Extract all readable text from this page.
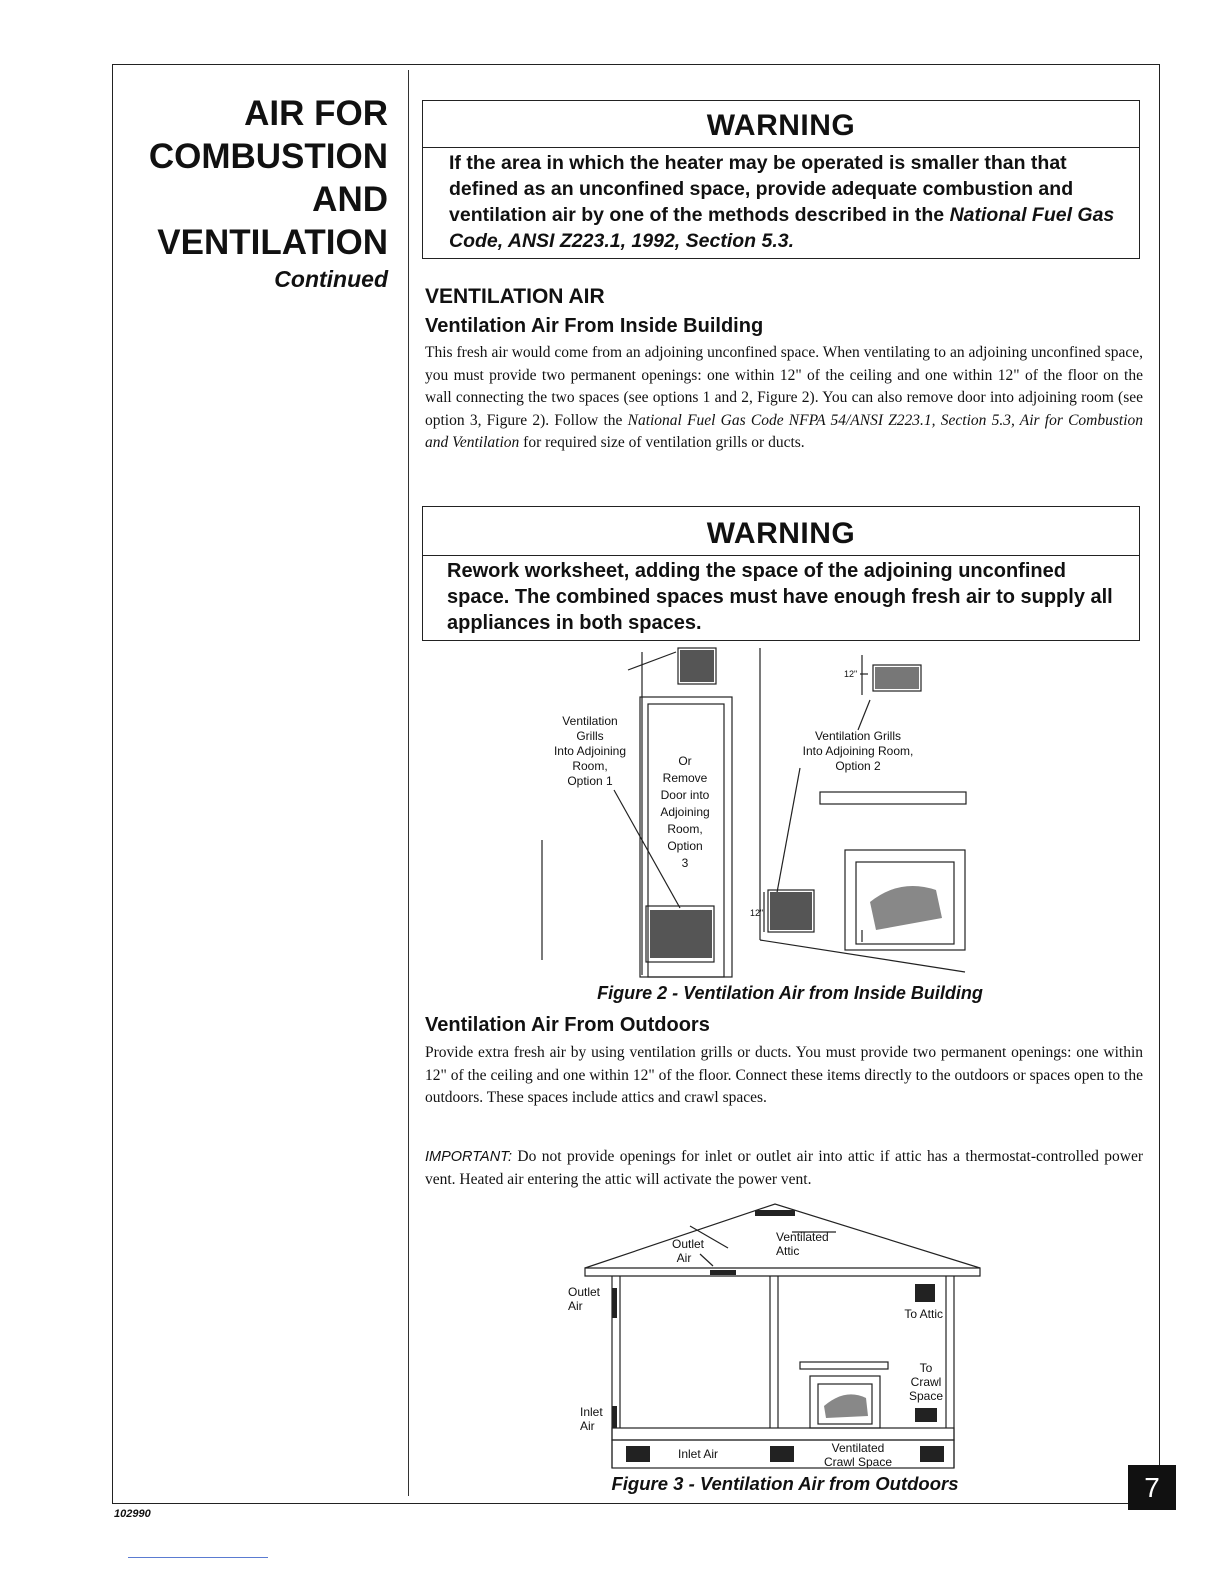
AIR FOR
COMBUSTION
AND
VENTILATION
Continued
WARNING
If the area in which the heater may be operated is smaller than that defined as an unconfined space, provide adequate combustion and ventilation air by one of the methods described in the National Fuel Gas Code, ANSI Z223.1, 1992, Section 5.3.
VENTILATION AIR
Ventilation Air From Inside Building
This fresh air would come from an adjoining unconfined space. When ventilating to an adjoining unconfined space, you must provide two permanent openings: one within 12" of the ceiling and one within 12" of the floor on the wall connecting the two spaces (see options 1 and 2, Figure 2). You can also remove door into adjoining room (see option 3, Figure 2). Follow the National Fuel Gas Code NFPA 54/ANSI Z223.1, Section 5.3, Air for Combustion and Ventilation for required size of ventilation grills or ducts.
WARNING
Rework worksheet, adding the space of the adjoining unconfined space. The combined spaces must have enough fresh air to supply all appliances in both spaces.
Ventilation
Grills
Into Adjoining
Room,
Option 1
Or
Remove
Door into
Adjoining
Room,
Option
3
Ventilation Grills
Into Adjoining Room,
Option 2
12"
12"
Figure 2 - Ventilation Air from Inside Building
Ventilation Air From Outdoors
Provide extra fresh air by using ventilation grills or ducts. You must provide two permanent openings: one within 12" of the ceiling and one within 12" of the floor. Connect these items directly to the outdoors or spaces open to the outdoors. These spaces include attics and crawl spaces.
IMPORTANT: Do not provide openings for inlet or outlet air into attic if attic has a thermostat-controlled power vent. Heated air entering the attic will activate the power vent.
Outlet
Air
Ventilated
Attic
Outlet
Air
To Attic
To
Crawl
Space
Inlet
Air
Inlet Air	Ventilated
Crawl Space
Figure 3 - Ventilation Air from Outdoors	7
102990
